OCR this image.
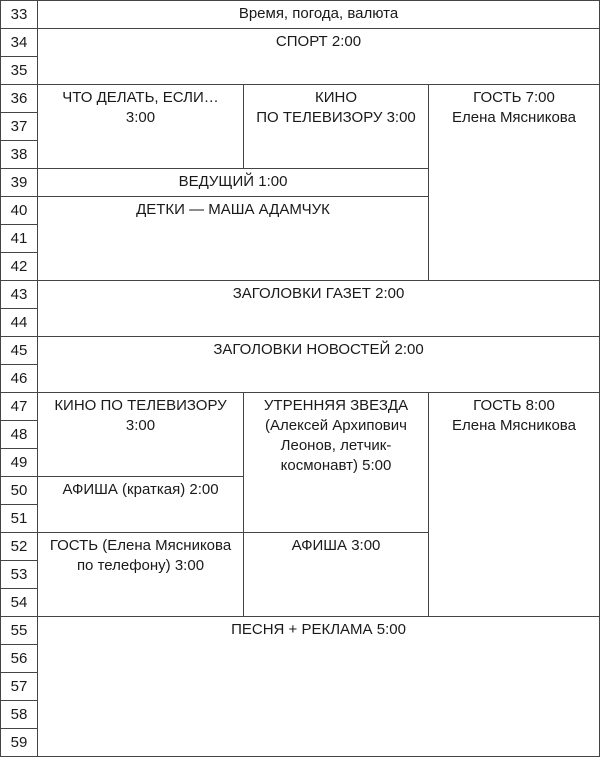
33
34
35
36
37
38
39
40
41
42
43
44
45
46
47
48
49
50
51
52
53
54
55
56
57
58
59
Время, погода, валюта
СПОРТ 2:00
ЧТО ДЕЛАТЬ, ЕСЛИ…
3:00
КИНО
ПО ТЕЛЕВИЗОРУ 3:00
ГОСТЬ 7:00
Елена Мясникова
ВЕДУЩИЙ 1:00
ДЕТКИ — МАША АДАМЧУК
ЗАГОЛОВКИ ГАЗЕТ 2:00
ЗАГОЛОВКИ НОВОСТЕЙ 2:00
КИНО ПО ТЕЛЕВИЗОРУ
3:00
УТРЕННЯЯ ЗВЕЗДА
(Алексей Архипович
Леонов, летчик-
космонавт) 5:00
ГОСТЬ 8:00
Елена Мясникова
АФИША (краткая) 2:00
ГОСТЬ (Елена Мясникова
по телефону) 3:00
АФИША 3:00
ПЕСНЯ + РЕКЛАМА 5:00
